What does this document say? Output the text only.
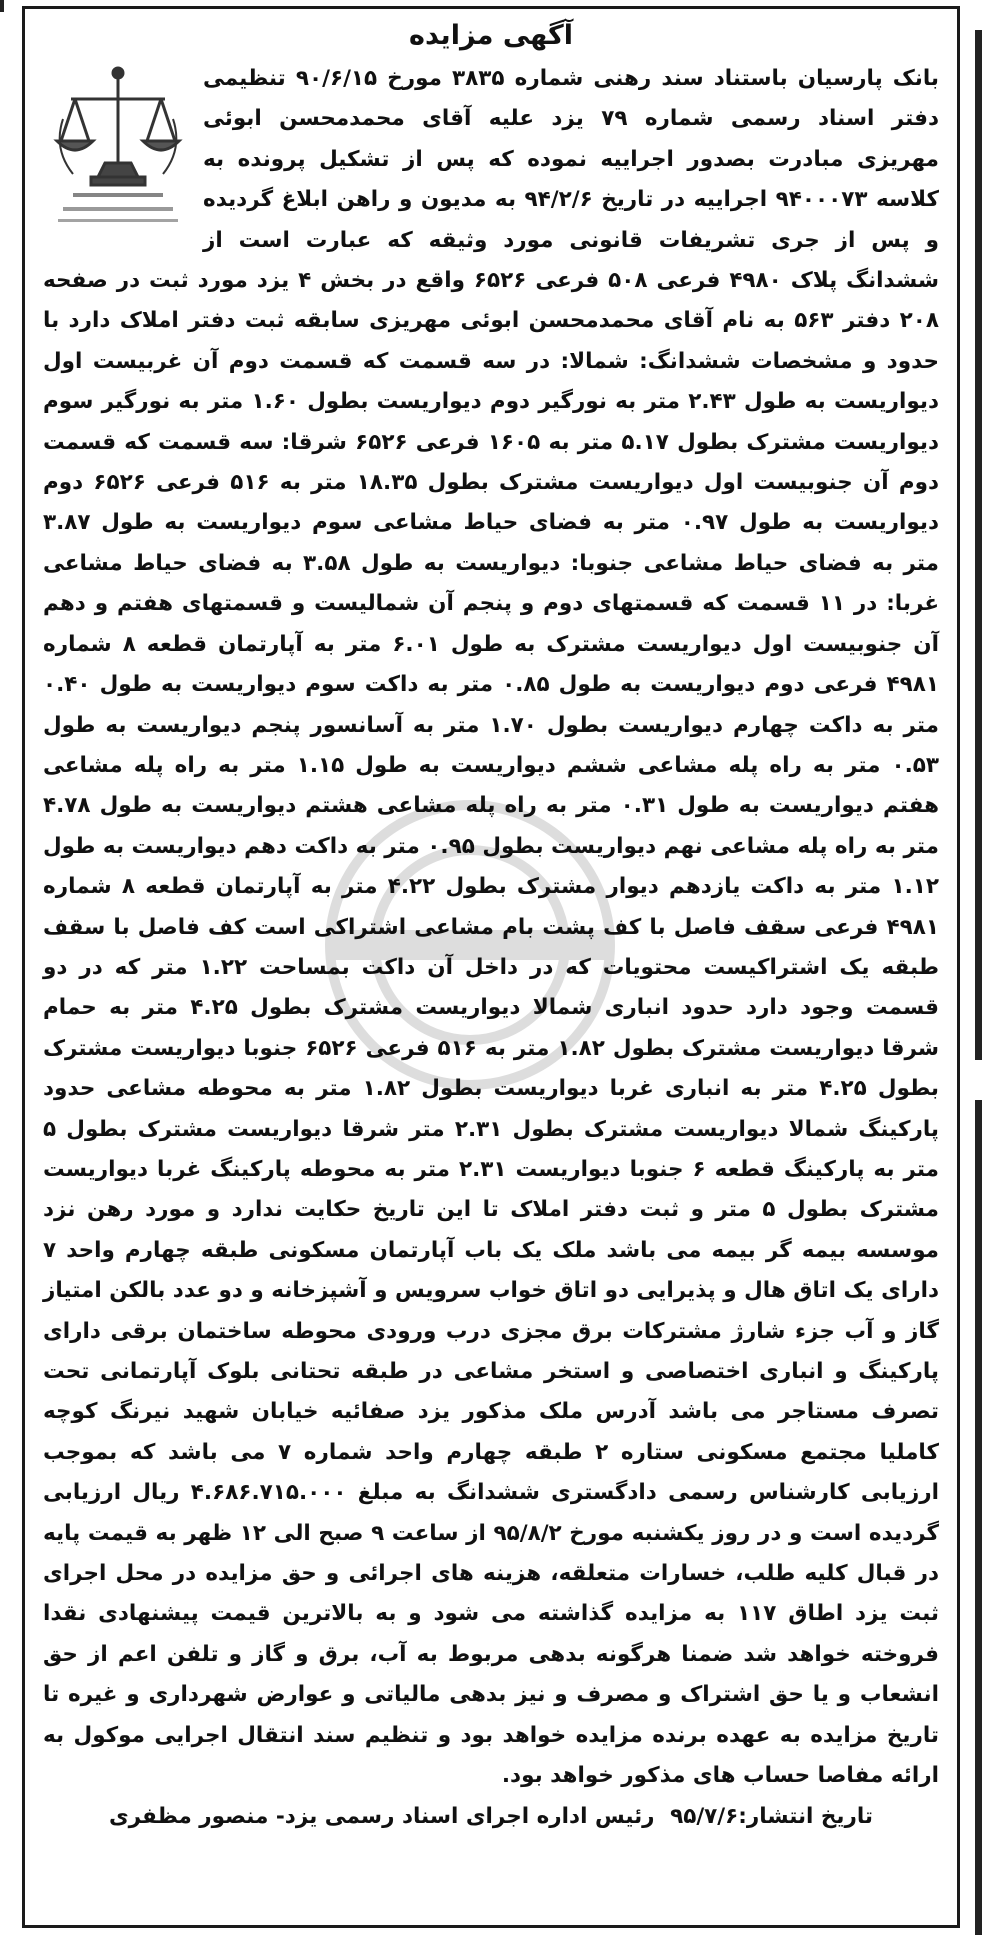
آگهی مزایده

بانک پارسیان باستناد سند رهنی شماره ۳۸۳۵ مورخ ۹۰/۶/۱۵ تنظیمی دفتر اسناد رسمی شماره ۷۹ یزد علیه آقای محمدمحسن ابوئی مهریزی مبادرت بصدور اجراییه نموده که پس از تشکیل پرونده به کلاسه ۹۴۰۰۰۷۳ اجراییه در تاریخ ۹۴/۲/۶ به مدیون و راهن ابلاغ گردیده و پس از جری تشریفات قانونی مورد وثیقه که عبارت است از ششدانگ پلاک ۴۹۸۰ فرعی ۵۰۸ فرعی ۶۵۲۶ واقع در بخش ۴ یزد مورد ثبت در صفحه ۲۰۸ دفتر ۵۶۳ به نام آقای محمدمحسن ابوئی مهریزی سابقه ثبت دفتر املاک دارد با حدود و مشخصات ششدانگ: شمالا: در سه قسمت که قسمت دوم آن غربیست اول دیواریست به طول ۲.۴۳ متر به نورگیر دوم دیواریست بطول ۱.۶۰ متر به نورگیر سوم دیواریست مشترک بطول ۵.۱۷ متر به ۱۶۰۵ فرعی ۶۵۲۶ شرقا: سه قسمت که قسمت دوم آن جنوبیست اول دیواریست مشترک بطول ۱۸.۳۵ متر به ۵۱۶ فرعی ۶۵۲۶ دوم دیواریست به طول ۰.۹۷ متر به فضای حیاط مشاعی سوم دیواریست به طول ۳.۸۷ متر به فضای حیاط مشاعی جنوبا: دیواریست به طول ۳.۵۸ به فضای حیاط مشاعی غربا: در ۱۱ قسمت که قسمتهای دوم و پنجم آن شمالیست و قسمتهای هفتم و دهم آن جنوبیست اول دیواریست مشترک به طول ۶.۰۱ متر به آپارتمان قطعه ۸ شماره ۴۹۸۱ فرعی دوم دیواریست به طول ۰.۸۵ متر به داکت سوم دیواریست به طول ۰.۴۰ متر به داکت چهارم دیواریست بطول ۱.۷۰ متر به آسانسور پنجم دیواریست به طول ۰.۵۳ متر به راه پله مشاعی ششم دیواریست به طول ۱.۱۵ متر به راه پله مشاعی هفتم دیواریست به طول ۰.۳۱ متر به راه پله مشاعی هشتم دیواریست به طول ۴.۷۸ متر به راه پله مشاعی نهم دیواریست بطول ۰.۹۵ متر به داکت دهم دیواریست به طول ۱.۱۲ متر به داکت یازدهم دیوار مشترک بطول ۴.۲۲ متر به آپارتمان قطعه ۸ شماره ۴۹۸۱ فرعی سقف فاصل با کف پشت بام مشاعی اشتراکی است کف فاصل با سقف طبقه یک اشتراکیست محتویات که در داخل آن داکت بمساحت ۱.۲۲ متر که در دو قسمت وجود دارد حدود انباری شمالا دیواریست مشترک بطول ۴.۲۵ متر به حمام شرقا دیواریست مشترک بطول ۱.۸۲ متر به ۵۱۶ فرعی ۶۵۲۶ جنوبا دیواریست مشترک بطول ۴.۲۵ متر به انباری غربا دیواریست بطول ۱.۸۲ متر به محوطه مشاعی حدود پارکینگ شمالا دیواریست مشترک بطول ۲.۳۱ متر شرقا دیواریست مشترک بطول ۵ متر به پارکینگ قطعه ۶ جنوبا دیواریست ۲.۳۱ متر به محوطه پارکینگ غربا دیواریست مشترک بطول ۵ متر و ثبت دفتر املاک تا این تاریخ حکایت ندارد و مورد رهن نزد موسسه بیمه گر بیمه می باشد ملک یک باب آپارتمان مسکونی طبقه چهارم واحد ۷ دارای یک اتاق هال و پذیرایی دو اتاق خواب سرویس و آشپزخانه و دو عدد بالکن امتیاز گاز و آب جزء شارژ مشترکات برق مجزی درب ورودی محوطه ساختمان برقی دارای پارکینگ و انباری اختصاصی و استخر مشاعی در طبقه تحتانی بلوک آپارتمانی تحت تصرف مستاجر می باشد آدرس ملک مذکور یزد صفائیه خیابان شهید نیرنگ کوچه کاملیا مجتمع مسکونی ستاره ۲ طبقه چهارم واحد شماره ۷ می باشد که بموجب ارزیابی کارشناس رسمی دادگستری ششدانگ به مبلغ ۴.۶۸۶.۷۱۵.۰۰۰ ریال ارزیابی گردیده است و در روز یکشنبه مورخ ۹۵/۸/۲ از ساعت ۹ صبح الی ۱۲ ظهر به قیمت پایه در قبال کلیه طلب، خسارات متعلقه، هزینه های اجرائی و حق مزایده در محل اجرای ثبت یزد اطاق ۱۱۷ به مزایده گذاشته می شود و به بالاترین قیمت پیشنهادی نقدا فروخته خواهد شد ضمنا هرگونه بدهی مربوط به آب، برق و گاز و تلفن اعم از حق انشعاب و یا حق اشتراک و مصرف و نیز بدهی مالیاتی و عوارض شهرداری و غیره تا تاریخ مزایده به عهده برنده مزایده خواهد بود و تنظیم سند انتقال اجرایی موکول به ارائه مفاصا حساب های مذکور خواهد بود.

تاریخ انتشار:۹۵/۷/۶ رئیس اداره اجرای اسناد رسمی یزد- منصور مظفری
